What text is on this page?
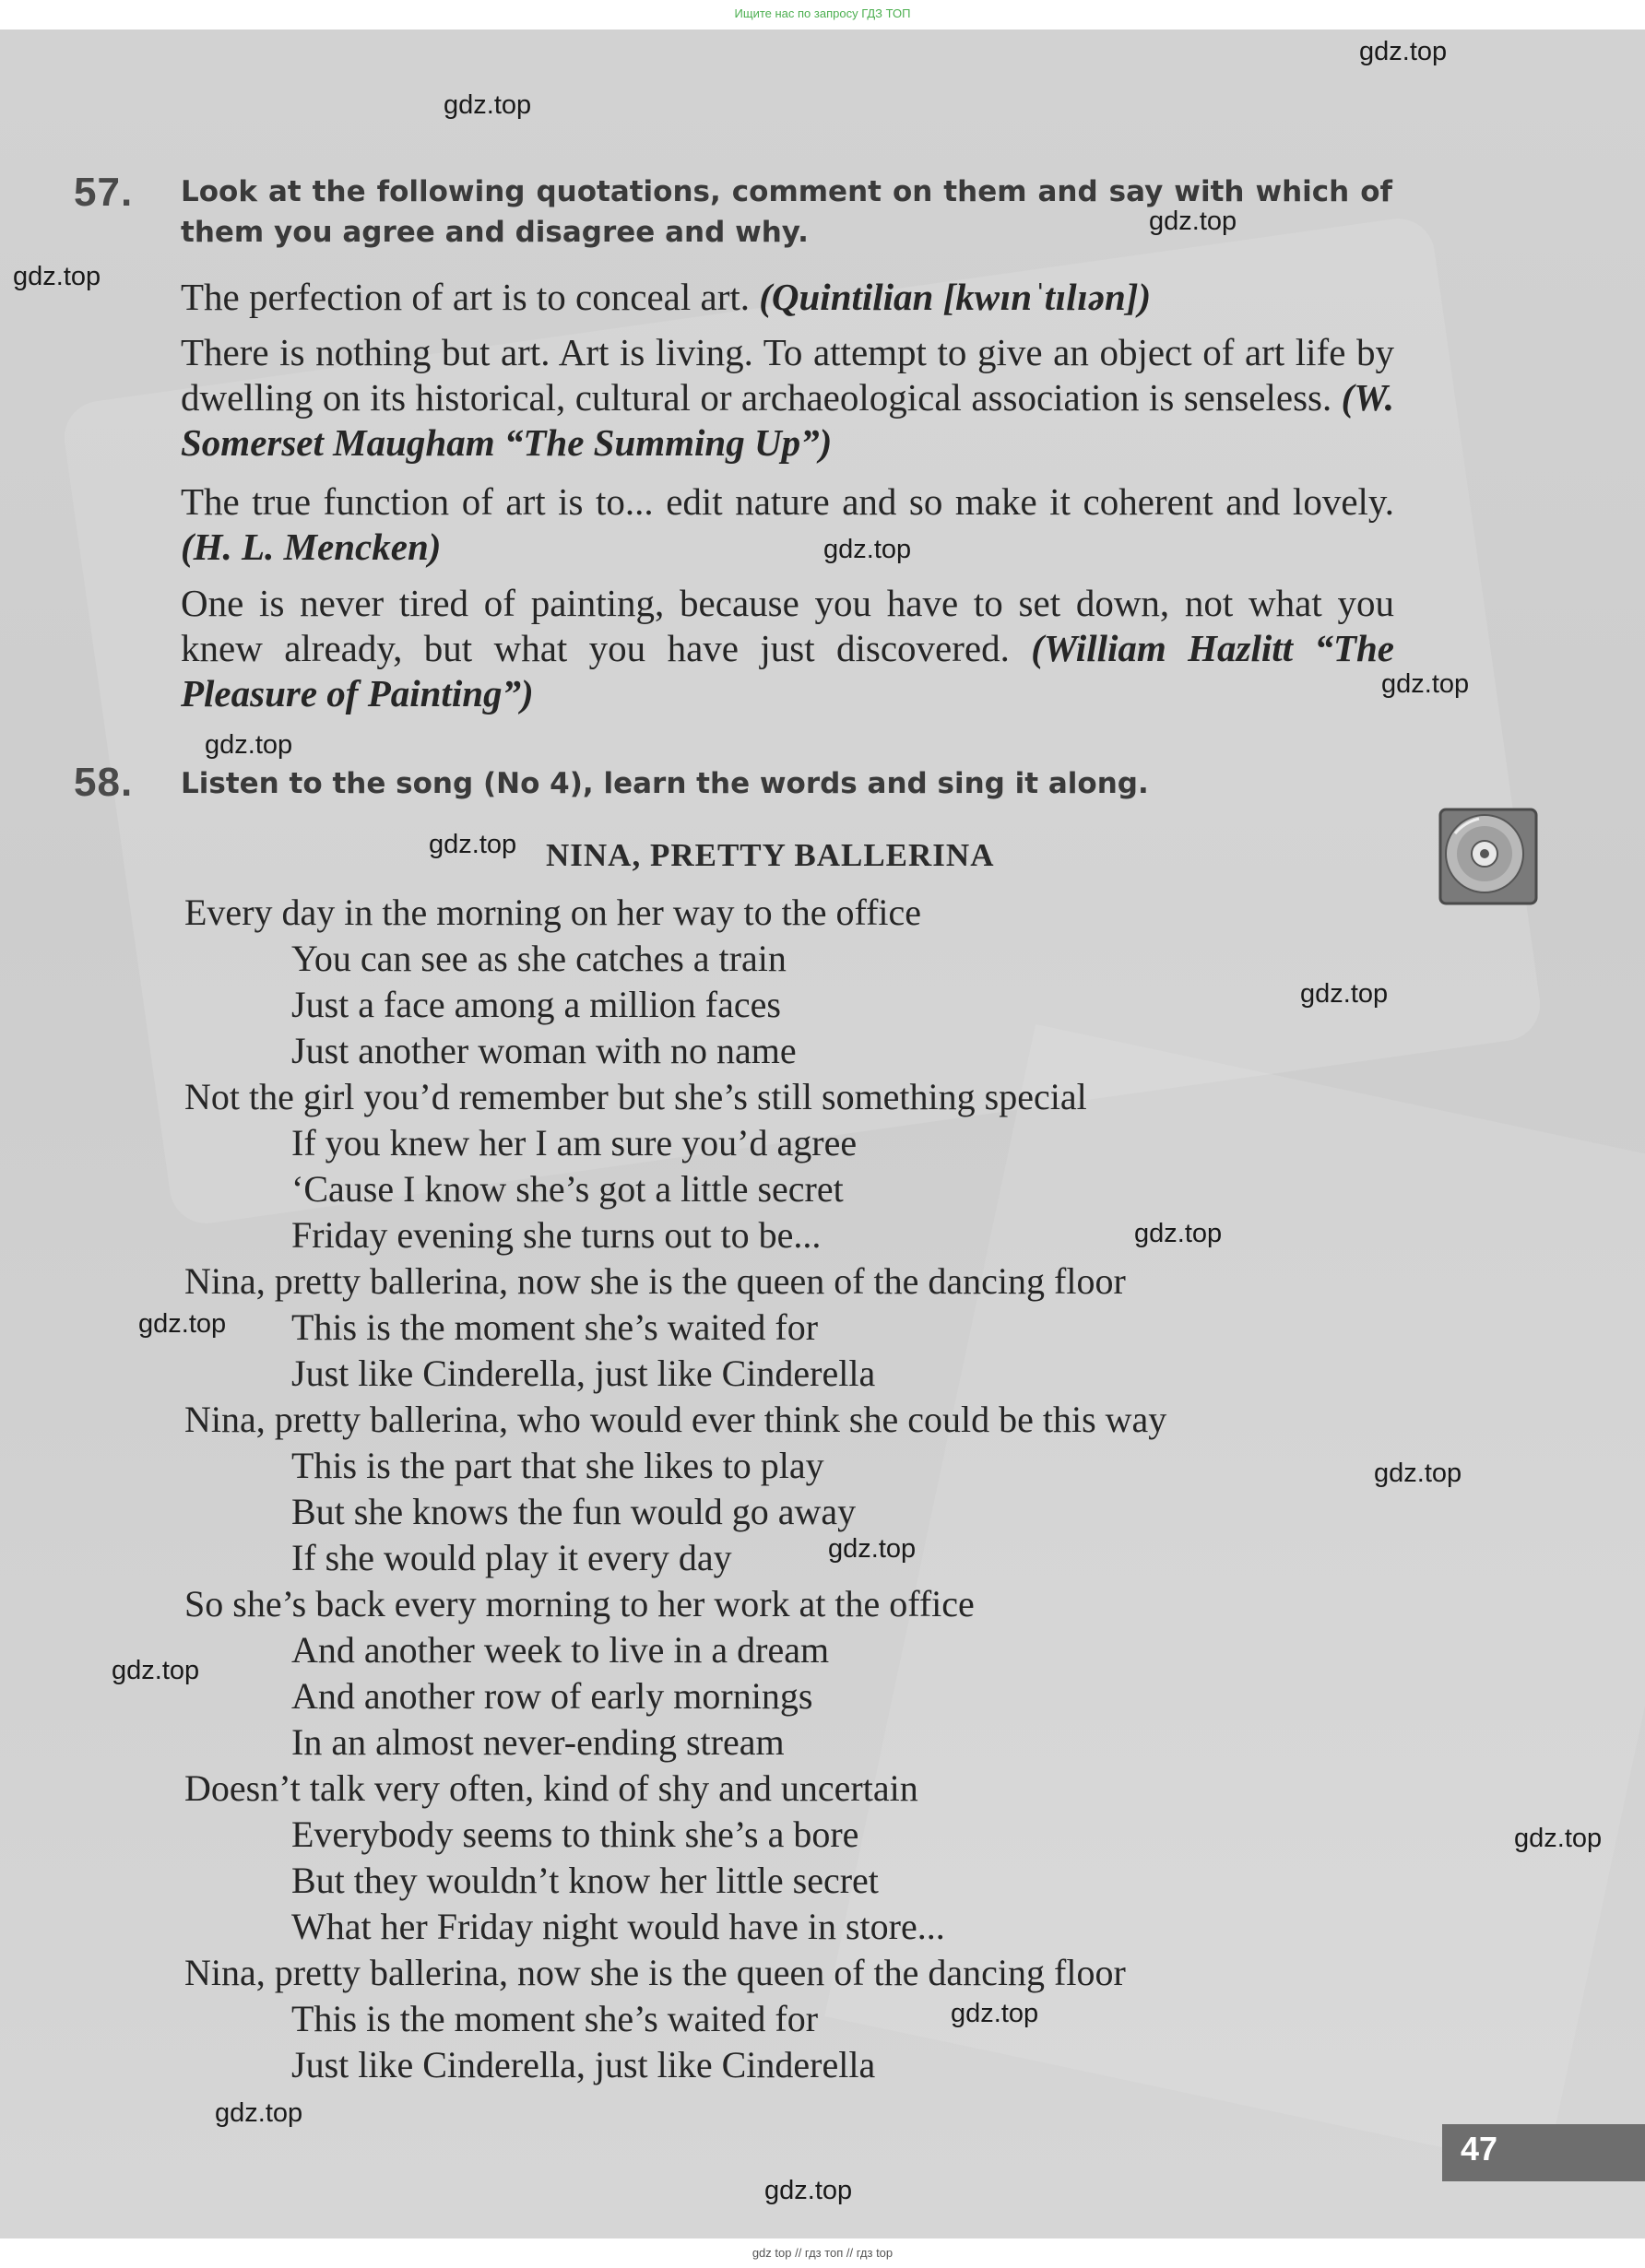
Ищите нас по запросу ГДЗ ТОП
57. Look at the following quotations, comment on them and say with which of them you agree and disagree and why.
The perfection of art is to conceal art. (Quintilian [kwɪnˈtɪlɪən])
There is nothing but art. Art is living. To attempt to give an object of art life by dwelling on its historical, cultural or archaeological association is senseless. (W. Somerset Maugham “The Summing Up”)
The true function of art is to... edit nature and so make it coherent and lovely. (H. L. Mencken)
One is never tired of painting, because you have to set down, not what you knew already, but what you have just discovered. (William Hazlitt “The Pleasure of Painting”)
58. Listen to the song (No 4), learn the words and sing it along.
NINA, PRETTY BALLERINA
Every day in the morning on her way to the office
You can see as she catches a train
Just a face among a million faces
Just another woman with no name
Not the girl you’d remember but she’s still something special
If you knew her I am sure you’d agree
‘Cause I know she’s got a little secret
Friday evening she turns out to be...
Nina, pretty ballerina, now she is the queen of the dancing floor
This is the moment she’s waited for
Just like Cinderella, just like Cinderella
Nina, pretty ballerina, who would ever think she could be this way
This is the part that she likes to play
But she knows the fun would go away
If she would play it every day
So she’s back every morning to her work at the office
And another week to live in a dream
And another row of early mornings
In an almost never-ending stream
Doesn’t talk very often, kind of shy and uncertain
Everybody seems to think she’s a bore
But they wouldn’t know her little secret
What her Friday night would have in store...
Nina, pretty ballerina, now she is the queen of the dancing floor
This is the moment she’s waited for
Just like Cinderella, just like Cinderella
47
gdz.top
gdz.top
gdz.top
gdz.top
gdz.top
gdz.top
gdz.top
gdz.top
gdz.top
gdz.top
gdz.top
gdz.top
gdz.top
gdz.top
gdz.top
gdz.top
gdz.top
gdz.top
gdz top // гдз топ // гдз top
